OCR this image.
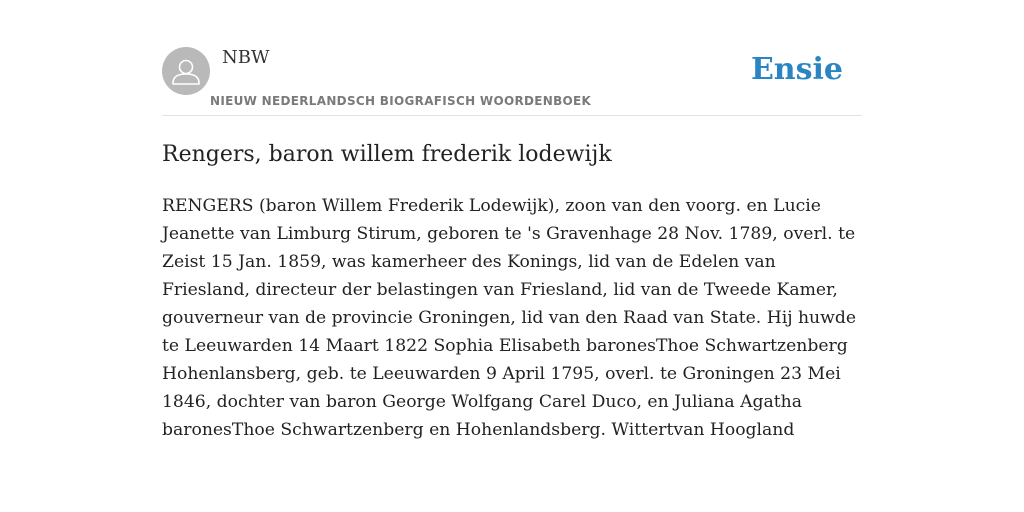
NBW
NIEUW NEDERLANDSCH BIOGRAFISCH WOORDENBOEK
Ensie
Rengers, baron willem frederik lodewijk

RENGERS (baron Willem Frederik Lodewijk), zoon van den voorg. en Lucie Jeanette van Limburg Stirum, geboren te 's Gravenhage 28 Nov. 1789, overl. te Zeist 15 Jan. 1859, was kamerheer des Konings, lid van de Edelen van Friesland, directeur der belastingen van Friesland, lid van de Tweede Kamer, gouverneur van de provincie Groningen, lid van den Raad van State. Hij huwde te Leeuwarden 14 Maart 1822 Sophia Elisabeth baronesThoe Schwartzenberg Hohenlansberg, geb. te Leeuwarden 9 April 1795, overl. te Groningen 23 Mei 1846, dochter van baron George Wolfgang Carel Duco, en Juliana Agatha baronesThoe Schwartzenberg en Hohenlandsberg. Wittertvan Hoogland
